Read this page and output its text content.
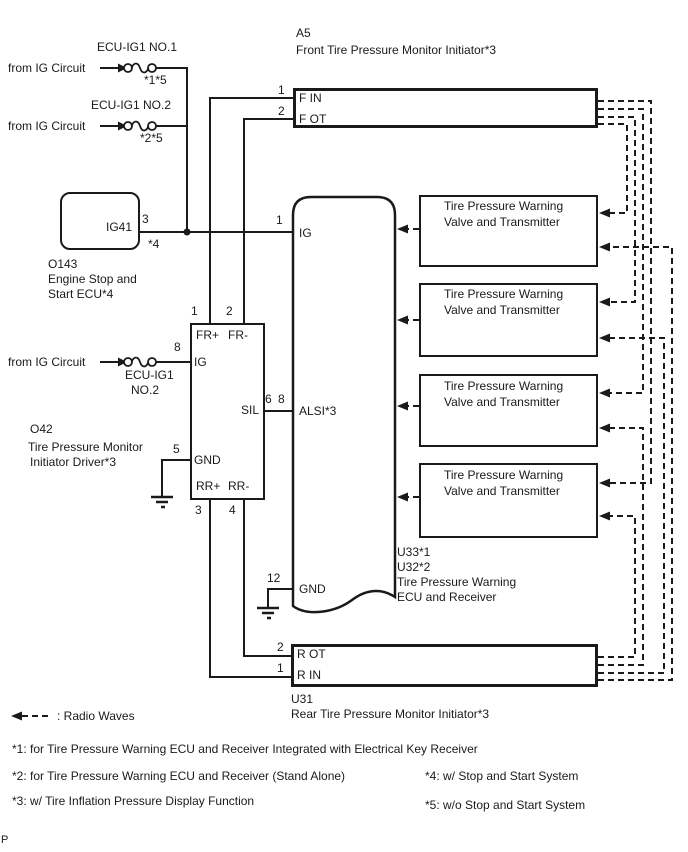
from IG Circuit
ECU-IG1 NO.1
*1*5
from IG Circuit
ECU-IG1 NO.2
*2*5
from IG Circuit
ECU-IG1
NO.2
A5
Front Tire Pressure Monitor Initiator*3
1
2
F IN
F OT
IG41
3
*4
O143
Engine Stop and
Start ECU*4
1 2
FR+ FR-
8
IG
6 8
SIL
5
GND
RR+ RR-
3 4
O42
Tire Pressure Monitor
Initiator Driver*3
1
IG
ALSI*3
12
GND
U33*1
U32*2
Tire Pressure Warning
ECU and Receiver
Tire Pressure Warning
Valve and Transmitter
Tire Pressure Warning
Valve and Transmitter
Tire Pressure Warning
Valve and Transmitter
Tire Pressure Warning
Valve and Transmitter
2 R OT
1 R IN
U31
Rear Tire Pressure Monitor Initiator*3
: Radio Waves
*1: for Tire Pressure Warning ECU and Receiver Integrated with Electrical Key Receiver
*2: for Tire Pressure Warning ECU and Receiver (Stand Alone)
*3: w/ Tire Inflation Pressure Display Function
*4: w/ Stop and Start System
*5: w/o Stop and Start System
P
